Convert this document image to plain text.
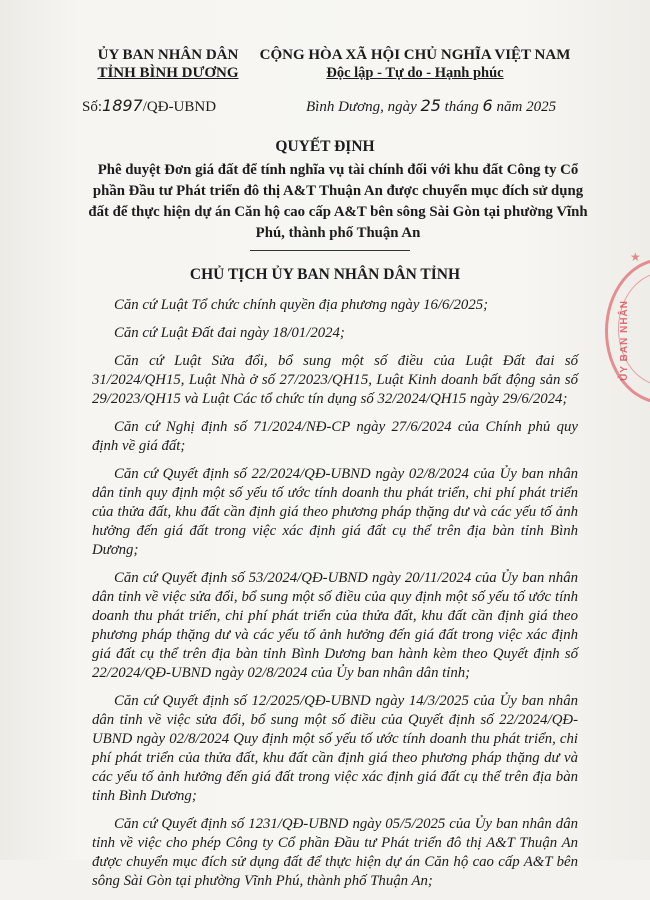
ỦY BAN NHÂN DÂN
TỈNH BÌNH DƯƠNG
CỘNG HÒA XÃ HỘI CHỦ NGHĨA VIỆT NAM
Độc lập - Tự do - Hạnh phúc
Số:1897/QĐ-UBND	Bình Dương, ngày 25 tháng 6 năm 2025
QUYẾT ĐỊNH
Phê duyệt Đơn giá đất để tính nghĩa vụ tài chính đối với khu đất Công ty Cổ phần Đầu tư Phát triển đô thị A&T Thuận An được chuyển mục đích sử dụng đất để thực hiện dự án Căn hộ cao cấp A&T bên sông Sài Gòn tại phường Vĩnh Phú, thành phố Thuận An
CHỦ TỊCH ỦY BAN NHÂN DÂN TỈNH

Căn cứ Luật Tổ chức chính quyền địa phương ngày 16/6/2025;

Căn cứ Luật Đất đai ngày 18/01/2024;

Căn cứ Luật Sửa đổi, bổ sung một số điều của Luật Đất đai số 31/2024/QH15, Luật Nhà ở số 27/2023/QH15, Luật Kinh doanh bất động sản số 29/2023/QH15 và Luật Các tổ chức tín dụng số 32/2024/QH15 ngày 29/6/2024;

Căn cứ Nghị định số 71/2024/NĐ-CP ngày 27/6/2024 của Chính phủ quy định về giá đất;

Căn cứ Quyết định số 22/2024/QĐ-UBND ngày 02/8/2024 của Ủy ban nhân dân tỉnh quy định một số yếu tố ước tính doanh thu phát triển, chi phí phát triển của thửa đất, khu đất cần định giá theo phương pháp thặng dư và các yếu tố ảnh hưởng đến giá đất trong việc xác định giá đất cụ thể trên địa bàn tỉnh Bình Dương;

Căn cứ Quyết định số 53/2024/QĐ-UBND ngày 20/11/2024 của Ủy ban nhân dân tỉnh về việc sửa đổi, bổ sung một số điều của quy định một số yếu tố ước tính doanh thu phát triển, chi phí phát triển của thửa đất, khu đất cần định giá theo phương pháp thặng dư và các yếu tố ảnh hưởng đến giá đất trong việc xác định giá đất cụ thể trên địa bàn tỉnh Bình Dương ban hành kèm theo Quyết định số 22/2024/QĐ-UBND ngày 02/8/2024 của Ủy ban nhân dân tỉnh;

Căn cứ Quyết định số 12/2025/QĐ-UBND ngày 14/3/2025 của Ủy ban nhân dân tỉnh về việc sửa đổi, bổ sung một số điều của Quyết định số 22/2024/QĐ-UBND ngày 02/8/2024 Quy định một số yếu tố ước tính doanh thu phát triển, chi phí phát triển của thửa đất, khu đất cần định giá theo phương pháp thặng dư và các yếu tố ảnh hưởng đến giá đất trong việc xác định giá đất cụ thể trên địa bàn tỉnh Bình Dương;

Căn cứ Quyết định số 1231/QĐ-UBND ngày 05/5/2025 của Ủy ban nhân dân tỉnh về việc cho phép Công ty Cổ phần Đầu tư Phát triển đô thị A&T Thuận An được chuyển mục đích sử dụng đất để thực hiện dự án Căn hộ cao cấp A&T bên sông Sài Gòn tại phường Vĩnh Phú, thành phố Thuận An;

★
ỦY BAN NHÂN
